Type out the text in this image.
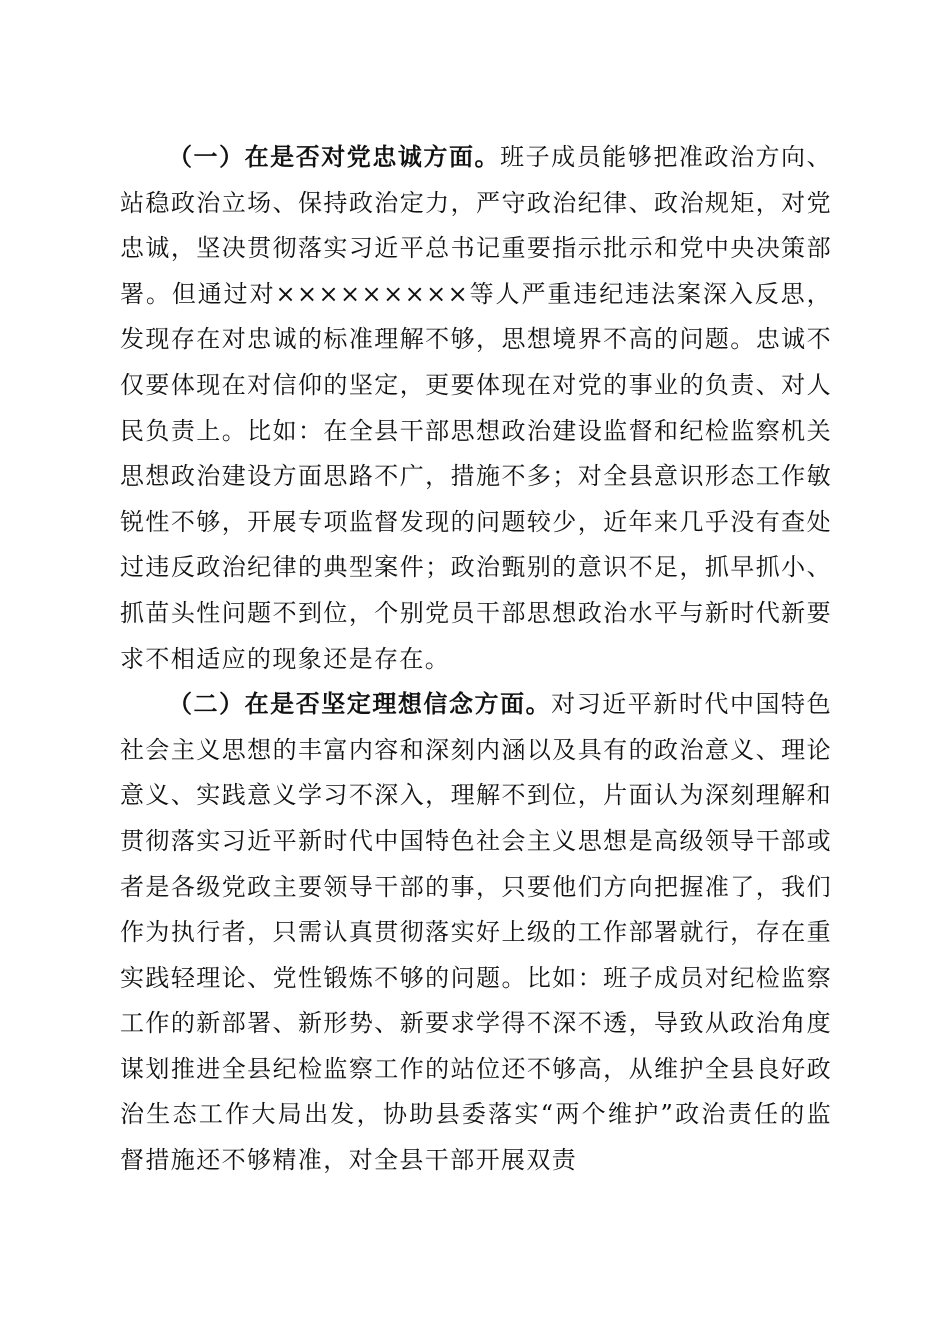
（一）在是否对党忠诚方面。班子成员能够把准政治方向、站稳政治立场、保持政治定力，严守政治纪律、政治规矩，对党忠诚，坚决贯彻落实习近平总书记重要指示批示和党中央决策部署。但通过对×××××××××等人严重违纪违法案深入反思，发现存在对忠诚的标准理解不够，思想境界不高的问题。忠诚不仅要体现在对信仰的坚定，更要体现在对党的事业的负责、对人民负责上。比如：在全县干部思想政治建设监督和纪检监察机关思想政治建设方面思路不广，措施不多；对全县意识形态工作敏锐性不够，开展专项监督发现的问题较少，近年来几乎没有查处过违反政治纪律的典型案件；政治甄别的意识不足，抓早抓小、抓苗头性问题不到位，个别党员干部思想政治水平与新时代新要求不相适应的现象还是存在。

（二）在是否坚定理想信念方面。对习近平新时代中国特色社会主义思想的丰富内容和深刻内涵以及具有的政治意义、理论意义、实践意义学习不深入，理解不到位，片面认为深刻理解和贯彻落实习近平新时代中国特色社会主义思想是高级领导干部或者是各级党政主要领导干部的事，只要他们方向把握准了，我们作为执行者，只需认真贯彻落实好上级的工作部署就行，存在重实践轻理论、党性锻炼不够的问题。比如：班子成员对纪检监察工作的新部署、新形势、新要求学得不深不透，导致从政治角度谋划推进全县纪检监察工作的站位还不够高，从维护全县良好政治生态工作大局出发，协助县委落实“两个维护”政治责任的监督措施还不够精准，对全县干部开展双责
